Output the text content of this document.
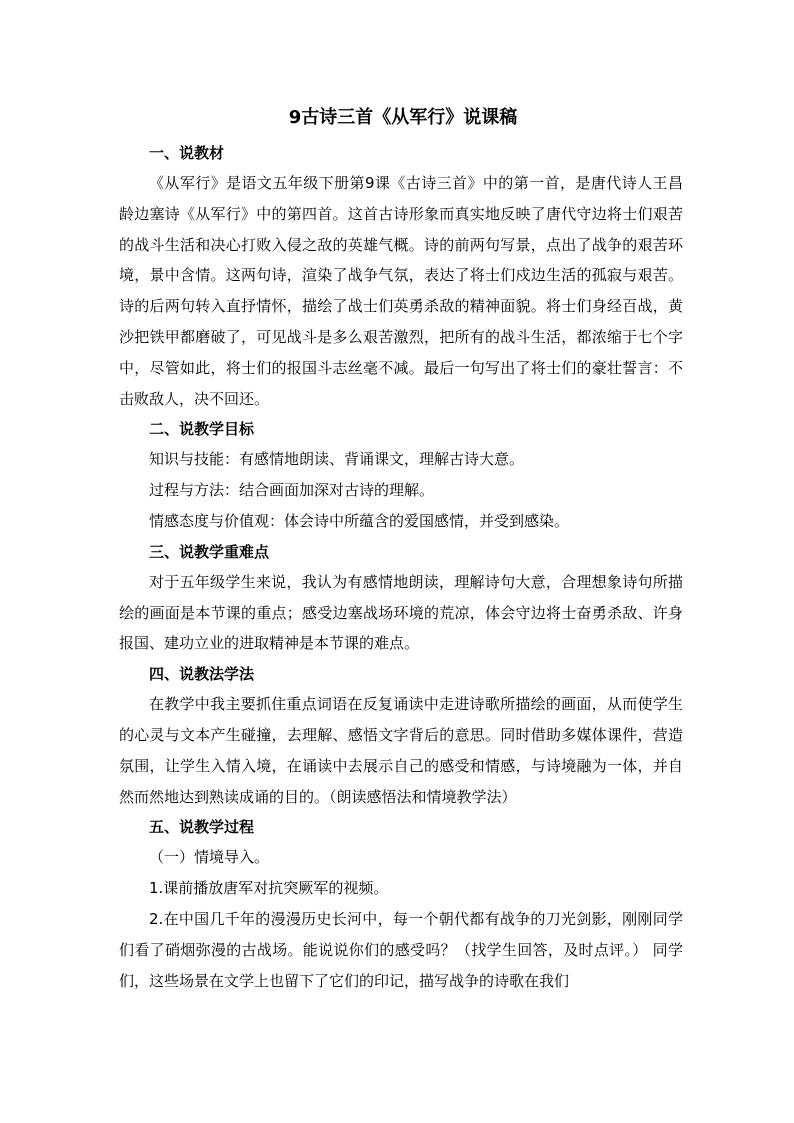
9古诗三首《从军行》说课稿
一、说教材
《从军行》是语文五年级下册第9课《古诗三首》中的第一首，是唐代诗人王昌龄边塞诗《从军行》中的第四首。这首古诗形象而真实地反映了唐代守边将士们艰苦的战斗生活和决心打败入侵之敌的英雄气概。诗的前两句写景，点出了战争的艰苦环境，景中含情。这两句诗，渲染了战争气氛，表达了将士们戍边生活的孤寂与艰苦。诗的后两句转入直抒情怀，描绘了战士们英勇杀敌的精神面貌。将士们身经百战，黄沙把铁甲都磨破了，可见战斗是多么艰苦激烈，把所有的战斗生活，都浓缩于七个字中，尽管如此，将士们的报国斗志丝毫不减。最后一句写出了将士们的豪壮誓言：不击败敌人，决不回还。
二、说教学目标
知识与技能：有感情地朗读、背诵课文，理解古诗大意。
过程与方法：结合画面加深对古诗的理解。
情感态度与价值观：体会诗中所蕴含的爱国感情，并受到感染。
三、说教学重难点
对于五年级学生来说，我认为有感情地朗读，理解诗句大意，合理想象诗句所描绘的画面是本节课的重点；感受边塞战场环境的荒凉，体会守边将士奋勇杀敌、许身报国、建功立业的进取精神是本节课的难点。
四、说教法学法
在教学中我主要抓住重点词语在反复诵读中走进诗歌所描绘的画面，从而使学生的心灵与文本产生碰撞，去理解、感悟文字背后的意思。同时借助多媒体课件，营造氛围，让学生入情入境，在诵读中去展示自己的感受和情感，与诗境融为一体，并自然而然地达到熟读成诵的目的。（朗读感悟法和情境教学法）
五、说教学过程
（一）情境导入。
1.课前播放唐军对抗突厥军的视频。
2.在中国几千年的漫漫历史长河中，每一个朝代都有战争的刀光剑影，刚刚同学们看了硝烟弥漫的古战场。能说说你们的感受吗？（找学生回答，及时点评。） 同学们，这些场景在文学上也留下了它们的印记，描写战争的诗歌在我们
